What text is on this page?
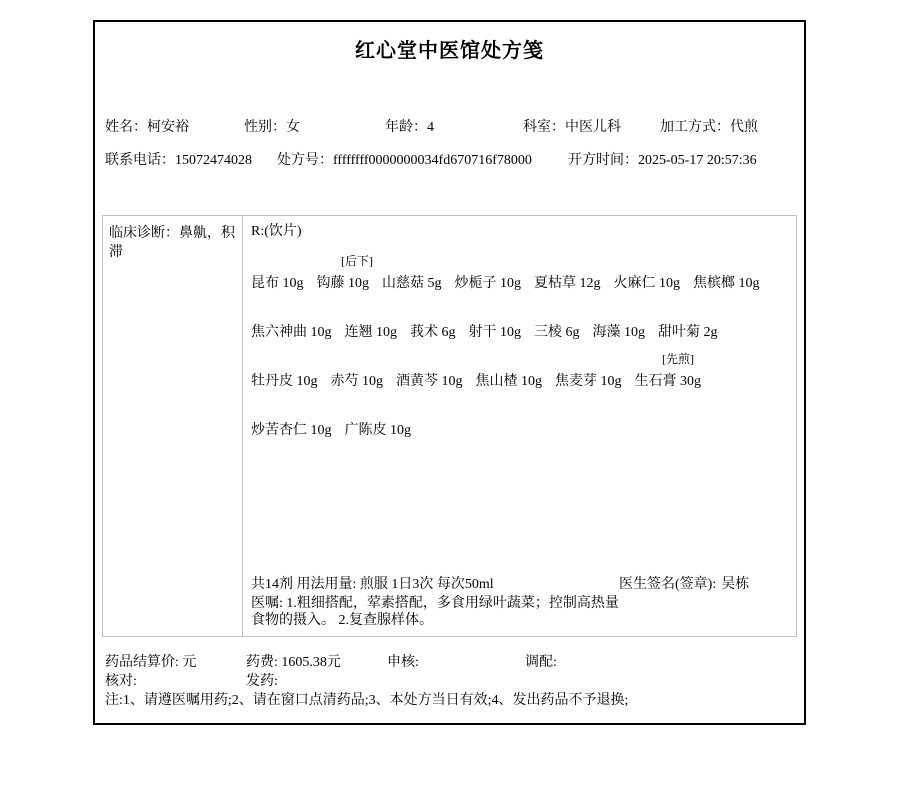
红心堂中医馆处方笺
姓名：柯安裕	性别：女	年龄：4	科室：中医儿科	加工方式：代煎
联系电话：15072474028 处方号：ffffffff0000000034fd670716f78000	开方时间：2025-05-17 20:57:36
临床诊断：鼻鼽，积滞
R:(饮片)
[后下]
昆布 10g 钩藤 10g 山慈菇 5g 炒栀子 10g 夏枯草 12g 火麻仁 10g 焦槟榔 10g
焦六神曲 10g 连翘 10g 莪术 6g 射干 10g 三棱 6g 海藻 10g 甜叶菊 2g
[先煎]
牡丹皮 10g 赤芍 10g 酒黄芩 10g 焦山楂 10g 焦麦芽 10g 生石膏 30g
炒苦杏仁 10g 广陈皮 10g
共14剂 用法用量: 煎服 1日3次 每次50ml
医嘱: 1.粗细搭配，荤素搭配，多食用绿叶蔬菜；控制高热量食物的摄入。 2.复查腺样体。
医生签名(签章): 吴栋
药品结算价: 元	药费: 1605.38元	申核:	调配:
核对:	发药:
注:1、请遵医嘱用药;2、请在窗口点清药品;3、本处方当日有效;4、发出药品不予退换;
